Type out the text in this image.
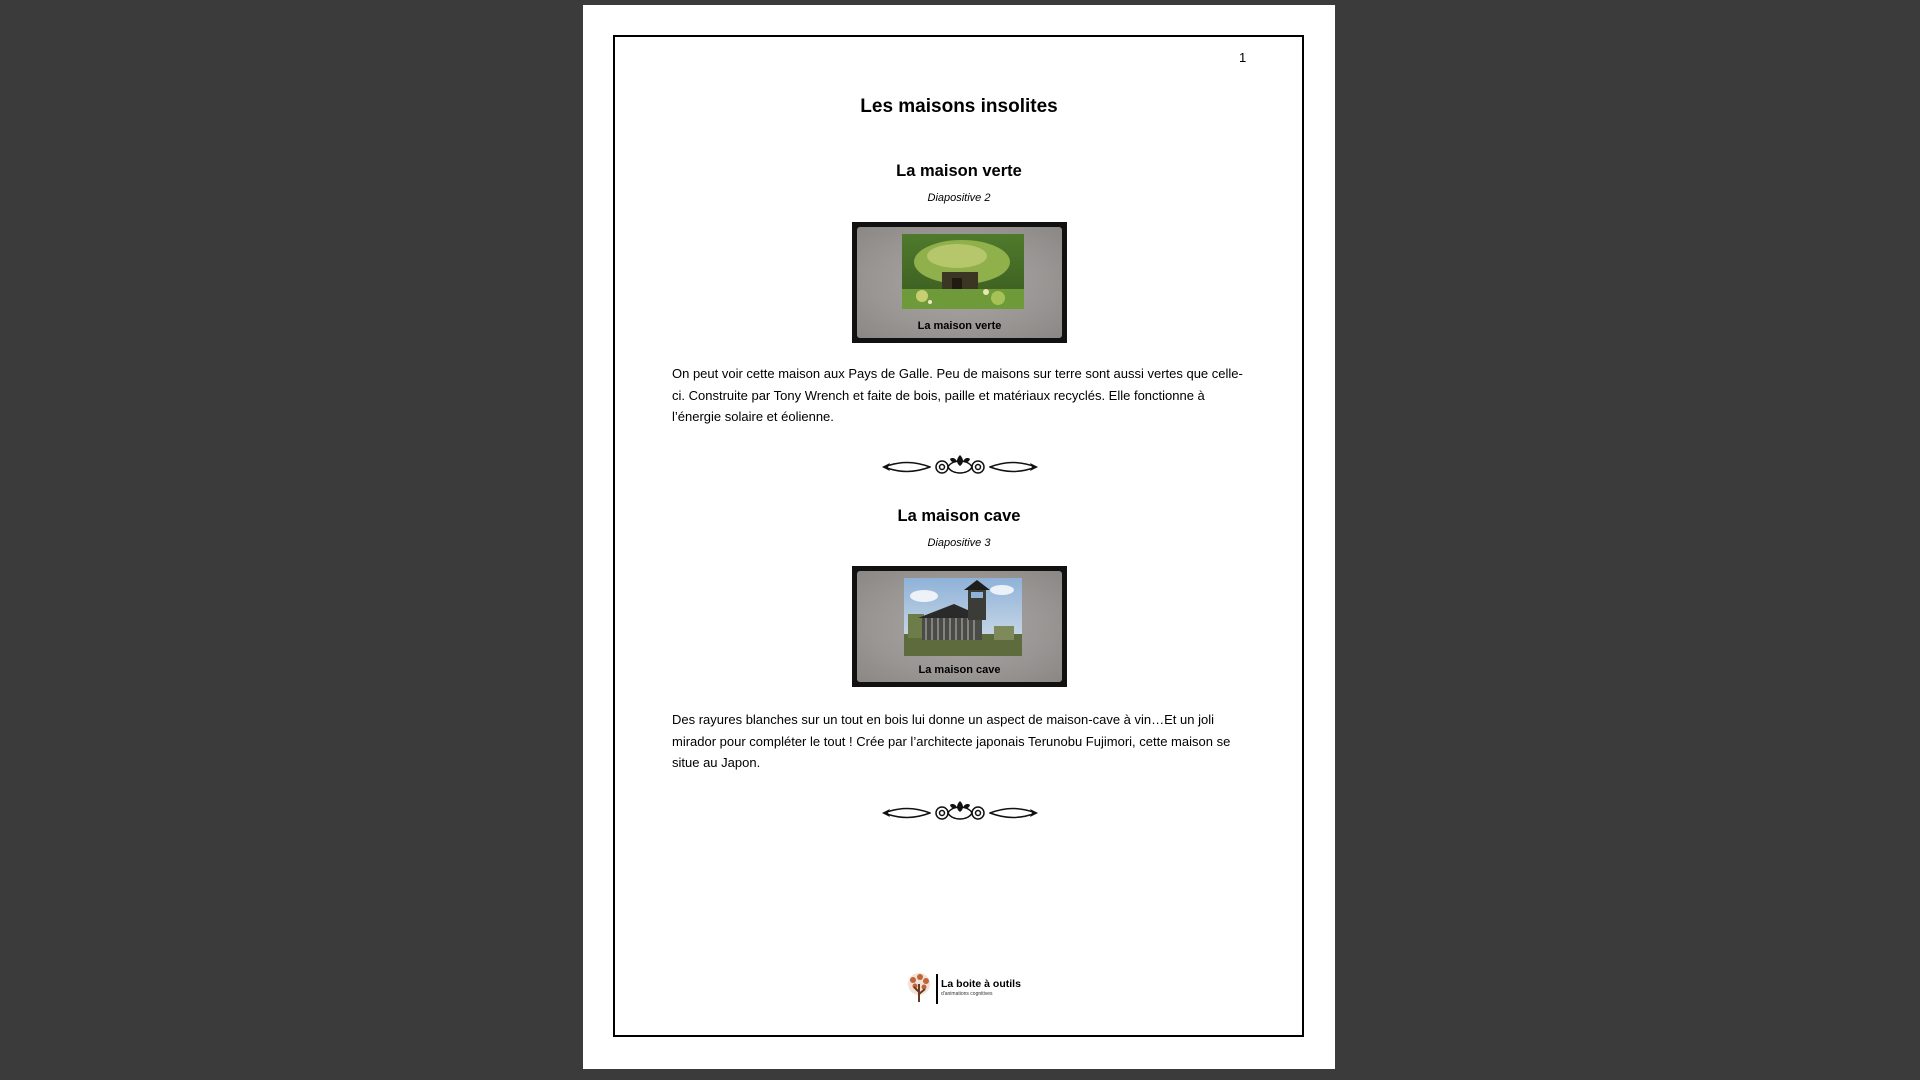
1
Les maisons insolites
La maison verte
Diapositive 2
La maison verte
On peut voir cette maison aux Pays de Galle. Peu de maisons sur terre sont aussi vertes que celle-ci. Construite par Tony Wrench et faite de bois, paille et matériaux recyclés. Elle fonctionne à l’énergie solaire et éolienne.
La maison cave
Diapositive 3
La maison cave
Des rayures blanches sur un tout en bois lui donne un aspect de maison-cave à vin…Et un joli mirador pour compléter le tout ! Crée par l’architecte japonais Terunobu Fujimori, cette maison se situe au Japon.
La boite à outils
d'animations cognitives
